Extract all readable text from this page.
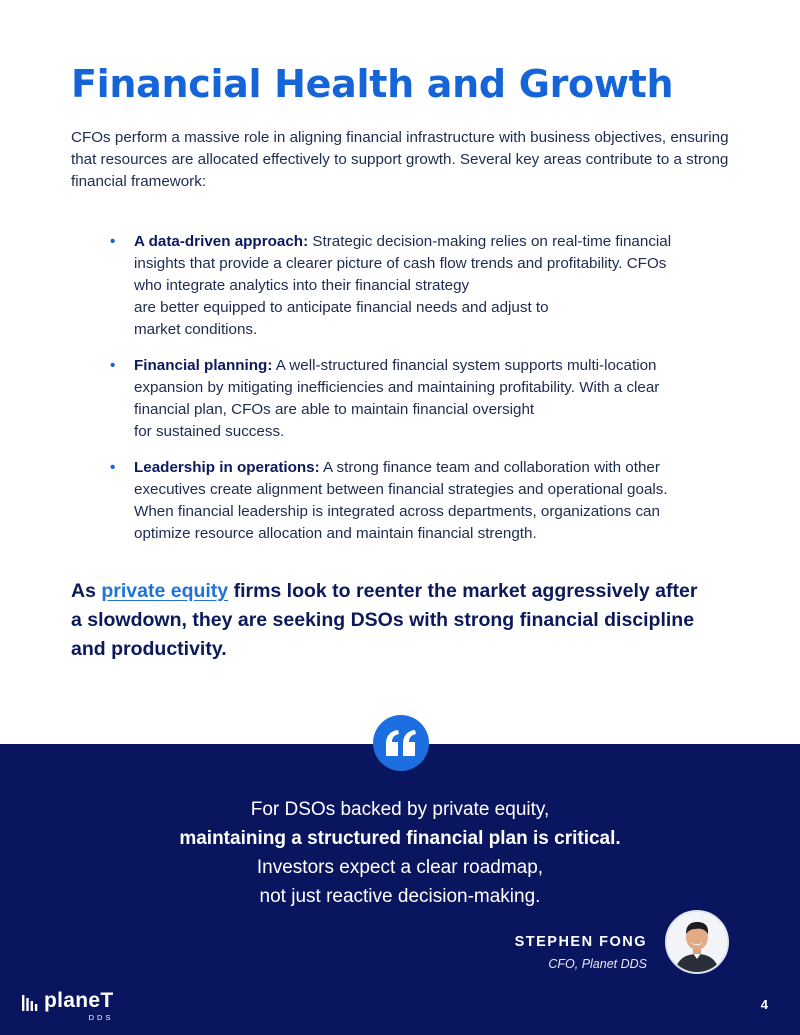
Financial Health and Growth

CFOs perform a massive role in aligning financial infrastructure with business objectives, ensuring that resources are allocated effectively to support growth. Several key areas contribute to a strong financial framework:

• A data-driven approach: Strategic decision-making relies on real-time financial
insights that provide a clearer picture of cash flow trends and profitability. CFOs
who integrate analytics into their financial strategy
are better equipped to anticipate financial needs and adjust to
market conditions.
• Financial planning: A well-structured financial system supports multi-location
expansion by mitigating inefficiencies and maintaining profitability. With a clear
financial plan, CFOs are able to maintain financial oversight
for sustained success.
• Leadership in operations: A strong finance team and collaboration with other
executives create alignment between financial strategies and operational goals.
When financial leadership is integrated across departments, organizations can
optimize resource allocation and maintain financial strength.

As private equity firms look to reenter the market aggressively after
a slowdown, they are seeking DSOs with strong financial discipline
and productivity.

For DSOs backed by private equity,
maintaining a structured financial plan is critical.
Investors expect a clear roadmap,
not just reactive decision-making.

STEPHEN FONG

CFO, Planet DDS

planeT
DDS
4
